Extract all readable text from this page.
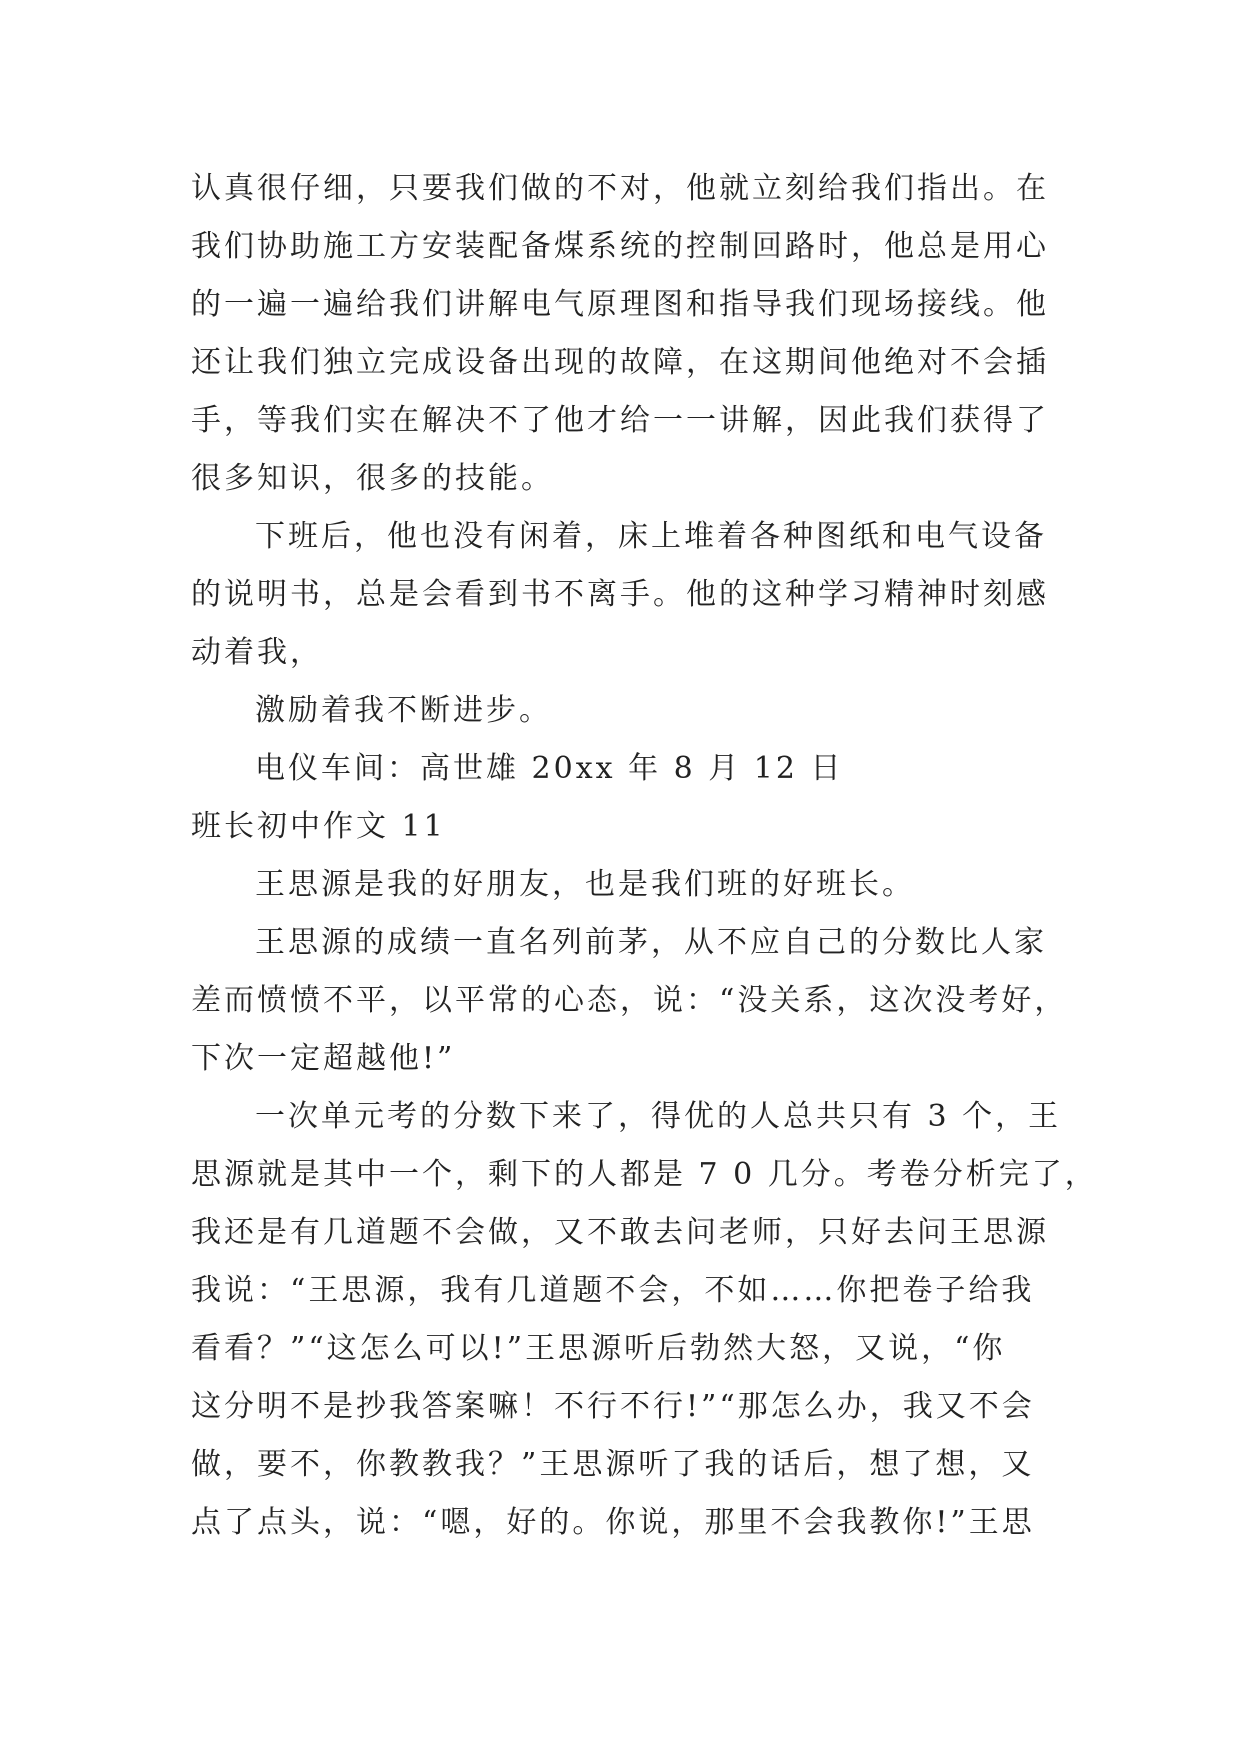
认真很仔细，只要我们做的不对，他就立刻给我们指出。在
我们协助施工方安装配备煤系统的控制回路时，他总是用心
的一遍一遍给我们讲解电气原理图和指导我们现场接线。他
还让我们独立完成设备出现的故障，在这期间他绝对不会插
手，等我们实在解决不了他才给一一讲解，因此我们获得了
很多知识，很多的技能。
下班后，他也没有闲着，床上堆着各种图纸和电气设备
的说明书，总是会看到书不离手。他的这种学习精神时刻感
动着我，
激励着我不断进步。
电仪车间：高世雄 20xx 年 8 月 12 日
班长初中作文 11
王思源是我的好朋友，也是我们班的好班长。
王思源的成绩一直名列前茅，从不应自己的分数比人家
差而愤愤不平，以平常的心态，说：“没关系，这次没考好，
下次一定超越他!”
一次单元考的分数下来了，得优的人总共只有 3 个，王
思源就是其中一个，剩下的人都是 7 0 几分。考卷分析完了，
我还是有几道题不会做，又不敢去问老师，只好去问王思源
我说：“王思源，我有几道题不会，不如……你把卷子给我
看看？”“这怎么可以!”王思源听后勃然大怒，又说，“你
这分明不是抄我答案嘛！不行不行!”“那怎么办，我又不会
做，要不，你教教我？”王思源听了我的话后，想了想，又
点了点头，说：“嗯，好的。你说，那里不会我教你!”王思
